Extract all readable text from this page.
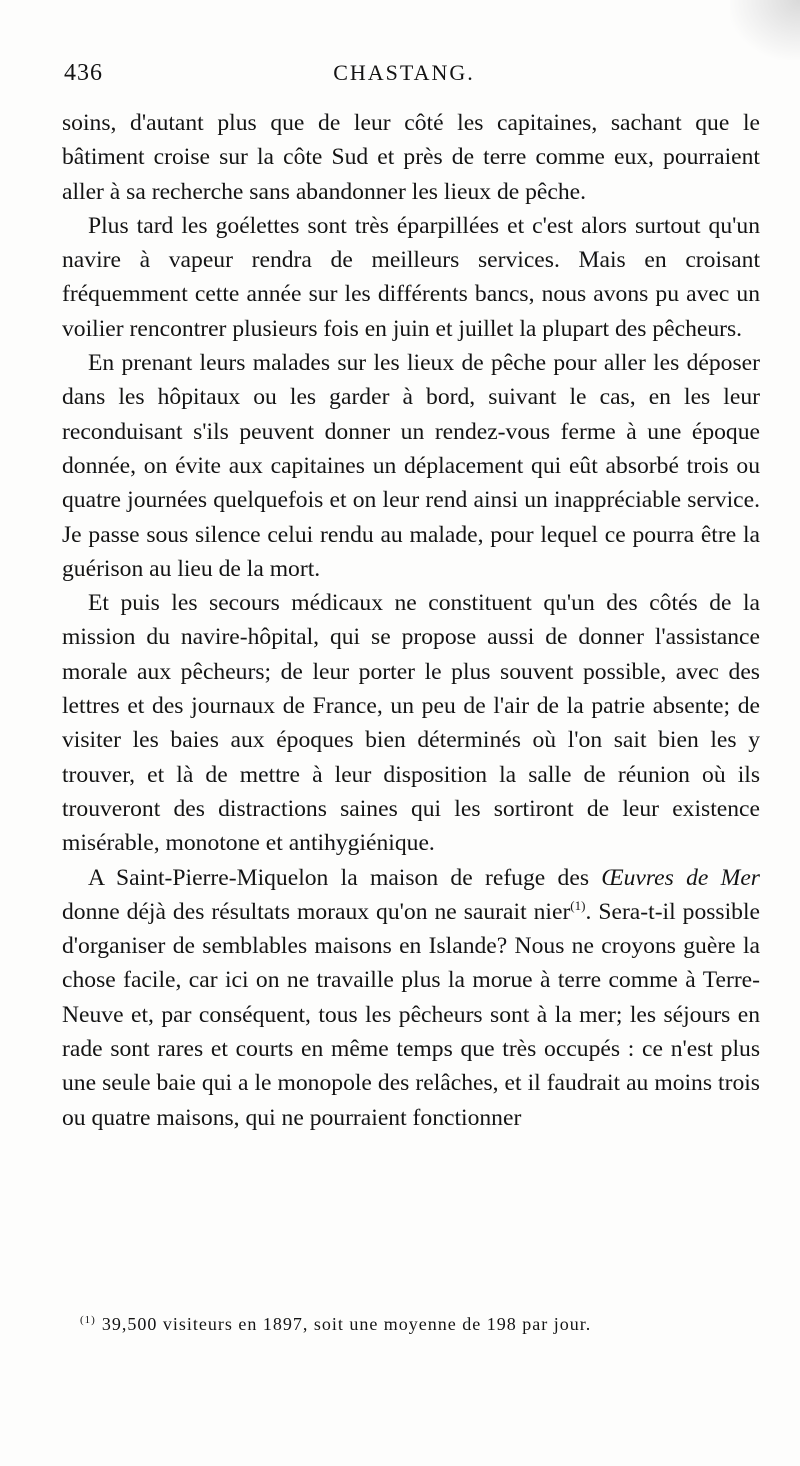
436	CHASTANG.

soins, d'autant plus que de leur côté les capitaines, sachant que le bâtiment croise sur la côte Sud et près de terre comme eux, pourraient aller à sa recherche sans abandonner les lieux de pêche.

Plus tard les goélettes sont très éparpillées et c'est alors surtout qu'un navire à vapeur rendra de meilleurs services. Mais en croisant fréquemment cette année sur les différents bancs, nous avons pu avec un voilier rencontrer plusieurs fois en juin et juillet la plupart des pêcheurs.

En prenant leurs malades sur les lieux de pêche pour aller les déposer dans les hôpitaux ou les garder à bord, suivant le cas, en les leur reconduisant s'ils peuvent donner un rendez-vous ferme à une époque donnée, on évite aux capitaines un déplacement qui eût absorbé trois ou quatre journées quelquefois et on leur rend ainsi un inappréciable service. Je passe sous silence celui rendu au malade, pour lequel ce pourra être la guérison au lieu de la mort.

Et puis les secours médicaux ne constituent qu'un des côtés de la mission du navire-hôpital, qui se propose aussi de donner l'assistance morale aux pêcheurs; de leur porter le plus souvent possible, avec des lettres et des journaux de France, un peu de l'air de la patrie absente; de visiter les baies aux époques bien déterminés où l'on sait bien les y trouver, et là de mettre à leur disposition la salle de réunion où ils trouveront des distractions saines qui les sortiront de leur existence misérable, monotone et antihygiénique.

A Saint-Pierre-Miquelon la maison de refuge des Œuvres de Mer donne déjà des résultats moraux qu'on ne saurait nier$^{(1)}$. Sera-t-il possible d'organiser de semblables maisons en Islande? Nous ne croyons guère la chose facile, car ici on ne travaille plus la morue à terre comme à Terre-Neuve et, par conséquent, tous les pêcheurs sont à la mer; les séjours en rade sont rares et courts en même temps que très occupés : ce n'est plus une seule baie qui a le monopole des relâches, et il faudrait au moins trois ou quatre maisons, qui ne pourraient fonctionner

$^{(1)}$ 39,500 visiteurs en 1897, soit une moyenne de 198 par jour.
